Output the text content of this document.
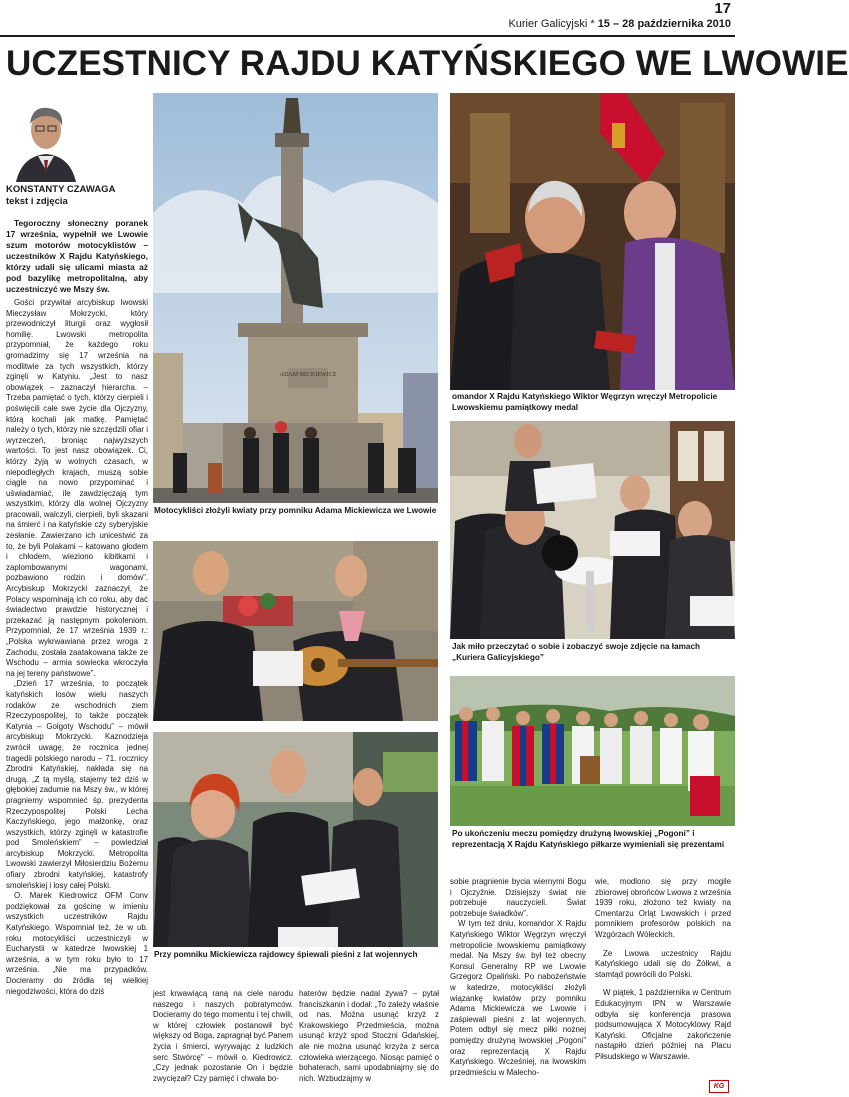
17
Kurier Galicyjski * 15 – 28 października 2010
UCZESTNICY RAJDU KATYŃSKIEGO WE LWOWIE
KONSTANTY CZAWAGA
tekst i zdjęcia

Tegoroczny słoneczny poranek 17 września, wypełnił we Lwowie szum motorów motocyklistów – uczestników X Rajdu Katyńskiego, którzy udali się ulicami miasta aż pod bazylikę metropolitalną, aby uczestniczyć we Mszy św.

Gości przywitał arcybiskup lwowski Mieczysław Mokrzycki, który przewodniczył liturgii oraz wygłosił homilię. Lwowski metropolita przypomniał, że każdego roku gromadzimy się 17 września na modlitwie za tych wszystkich, którzy zginęli w Katyniu. „Jest to nasz obowiązek – zaznaczył hierarcha. – Trzeba pamiętać o tych, którzy cierpieli i poświęcili całe swe życie dla Ojczyzny, którą kochali jak matkę. Pamiętać należy o tych, którzy nie szczędzili ofiar i wyrzeczeń, broniąc najwyższych wartości. To jest nasz obowiązek. Ci, którzy żyją w wolnych czasach, w niepodległych krajach, muszą sobie ciągle na nowo przypominać i uświadamiać, ile zawdzięczają tym wszystkim, którzy dla wolnej Ojczyzny pracowali, walczyli, cierpieli, byli skazani na śmierć i na katyńskie czy syberyjskie zesłanie. Zawierzano ich unicestwić za to, że byli Polakami – katowano głodem i chłodem, wieziono kibitkami i zaplombowanymi wagonami, pozbawiono rodzin i domów”. Arcybiskup Mokrzycki zaznaczył, że Polacy wspominają ich co roku, aby dać świadectwo prawdzie historycznej i przekazać ją następnym pokoleniom. Przypomniał, że 17 września 1939 r.: „Polska wykrwawiana przez wroga z Zachodu, została zaatakowana także ze Wschodu – armia sowiecka wkroczyła na jej tereny państwowe”.

„Dzień 17 września, to początek katyńskich losów wielu naszych rodaków ze wschodnich ziem Rzeczypospolitej, to także początek Katynia – Golgoty Wschodu” – mówił arcybiskup Mokrzycki. Kaznodzieja zwrócił uwagę, że rocznica jednej tragedii polskiego narodu – 71. rocznicy Zbrodni Katyńskiej, nakłada się na drugą. „Z tą myślą, stajemy też dziś w głębokiej zadumie na Mszy św., w której pragniemy wspomnieć śp. prezydenta Rzeczypospolitej Polski Lecha Kaczyńskiego, jego małżonkę, oraz wszystkich, którzy zginęli w katastrofie pod Smoleńskiem” – powiedział arcybiskup Mokrzycki. Metropolita Lwowski zawierzył Miłosierdziu Bożemu ofiary zbrodni katyńskiej, katastrofy smoleńskiej i losy całej Polski.

O. Marek Kiedrowicz OFM Conv podziękował za gościnę w imieniu wszystkich uczestników Rajdu Katyńskiego. Wspomniał też, że w ub. roku motocykliści uczestniczyli w Eucharystii w katedrze lwowskiej 1 września, a w tym roku było to 17 września. „Nie ma przypadków. Docieramy do źródła tej wielkiej niegodziwości, która do dziś

ADAM MICKIEWICZ
Motocykliści złożyli kwiaty przy pomniku Adama Mickiewicza we Lwowie
Przy pomniku Mickiewicza rajdowcy śpiewali pieśni z lat wojennych

jest krwawiącą raną na ciele narodu naszego i naszych pobratymców. Docieramy do tego momentu i tej chwili, w której człowiek postanowił być większy od Boga, zapragnął być Panem życia i śmierci, wyrywając z ludzkich serc Stwórcę” – mówił o. Kiedrowicz. „Czy jednak pozostanie On i będzie zwycięzał? Czy pamięć i chwała bo-

haterów będzie nadal żywa? – pytał franciszkanin i dodał: „To zależy właśnie od nas. Można usunąć krzyż z Krakowskiego Przedmieścia, można usunąć krzyż spod Stoczni Gdańskiej, ale nie można usunąć krzyża z serca człowieka wierzącego. Niosąc pamięć o bohaterach, sami upodabniajmy się do nich. Wzbudzajmy w

omandor X Rajdu Katyńskiego Wiktor Węgrzyn wręczył Metropolicie Lwowskiemu pamiątkowy medal
Jak miło przeczytać o sobie i zobaczyć swoje zdjęcie na łamach „Kuriera Galicyjskiego”
Po ukończeniu meczu pomiędzy drużyną lwowskiej „Pogoni” i reprezentacją X Rajdu Katyńskiego piłkarze wymieniali się prezentami

sobie pragnienie bycia wiernymi Bogu i Ojczyźnie. Dzisiejszy świat nie potrzebuje nauczycieli. Świat potrzebuje świadków”.

W tym też dniu, komandor X Rajdu Katyńskiego Wiktor Węgrzyn wręczył metropolicie lwowskiemu pamiątkowy medal. Na Mszy św. był też obecny Konsul Generalny RP we Lwowie Grzegorz Opaliński. Po nabożeństwie w katedrze, motocykliści złożyli wiązankę kwiatów przy pomniku Adama Mickiewicza we Lwowie i zaśpiewali pieśni z lat wojennych. Potem odbył się mecz piłki nożnej pomiędzy drużyną lwowskiej „Pogoni” oraz reprezentacją X Rajdu Katyńskiego. Wcześniej, na lwowskim przedmieściu w Malecho-

wie, modlono się przy mogile zbiorowej obrońców Lwowa z września 1939 roku, złożono też kwiaty na Cmentarzu Orląt Lwowskich i przed pomnikiem profesorów polskich na Wzgórzach Wóleckich.

Ze Lwowa uczestnicy Rajdu Katyńskiego udali się do Żółkwi, a stamtąd powrócili do Polski.

W piątek, 1 października w Centrum Edukacyjnym IPN w Warszawie odbyła się konferencja prasowa podsumowująca X Motocyklowy Rajd Katyński. Oficjalne zakończenie nastąpiło dzień później na Placu Piłsudskiego w Warszawie.

KG
